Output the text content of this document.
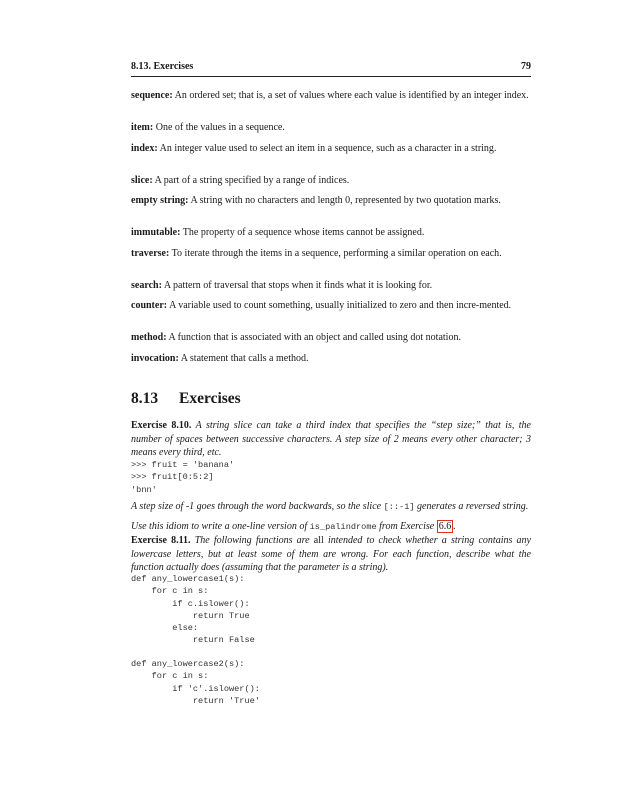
8.13. Exercises	79
sequence: An ordered set; that is, a set of values where each value is identified by an integer index.
item: One of the values in a sequence.
index: An integer value used to select an item in a sequence, such as a character in a string.
slice: A part of a string specified by a range of indices.
empty string: A string with no characters and length 0, represented by two quotation marks.
immutable: The property of a sequence whose items cannot be assigned.
traverse: To iterate through the items in a sequence, performing a similar operation on each.
search: A pattern of traversal that stops when it finds what it is looking for.
counter: A variable used to count something, usually initialized to zero and then incre-mented.
method: A function that is associated with an object and called using dot notation.
invocation: A statement that calls a method.
8.13 Exercises
Exercise 8.10. A string slice can take a third index that specifies the “step size;” that is, the number of spaces between successive characters. A step size of 2 means every other character; 3 means every third, etc.
>>> fruit = 'banana'
>>> fruit[0:5:2]
'bnn'
A step size of -1 goes through the word backwards, so the slice [::-1] generates a reversed string.
Use this idiom to write a one-line version of is_palindrome from Exercise 6.6 .
Exercise 8.11. The following functions are all intended to check whether a string contains any lowercase letters, but at least some of them are wrong. For each function, describe what the function actually does (assuming that the parameter is a string).
def any_lowercase1(s):
for c in s:
if c.islower():
return True
else:
return False
def any_lowercase2(s):
for c in s:
if 'c'.islower():
return 'True'
